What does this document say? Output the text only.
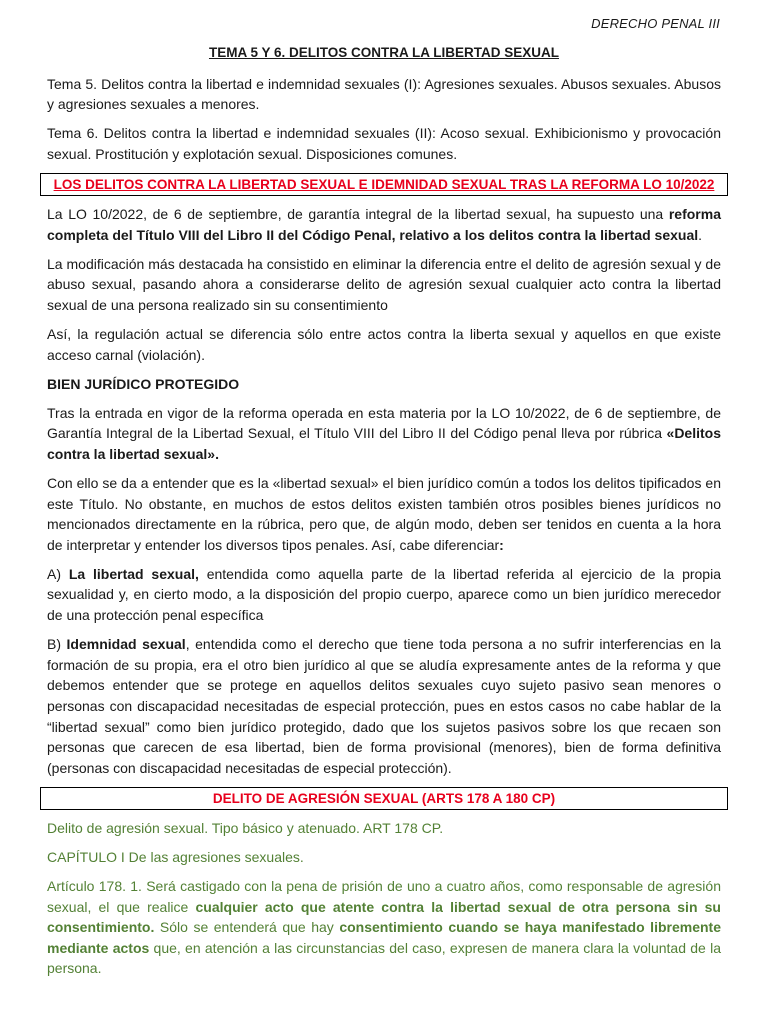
DERECHO PENAL III

TEMA 5 Y 6. DELITOS CONTRA LA LIBERTAD SEXUAL

Tema 5. Delitos contra la libertad e indemnidad sexuales (I): Agresiones sexuales. Abusos sexuales. Abusos y agresiones sexuales a menores.

Tema 6. Delitos contra la libertad e indemnidad sexuales (II): Acoso sexual. Exhibicionismo y provocación sexual. Prostitución y explotación sexual. Disposiciones comunes.

LOS DELITOS CONTRA LA LIBERTAD SEXUAL E IDEMNIDAD SEXUAL TRAS LA REFORMA LO 10/2022

La LO 10/2022, de 6 de septiembre, de garantía integral de la libertad sexual, ha supuesto una reforma completa del Título VIII del Libro II del Código Penal, relativo a los delitos contra la libertad sexual.

La modificación más destacada ha consistido en eliminar la diferencia entre el delito de agresión sexual y de abuso sexual, pasando ahora a considerarse delito de agresión sexual cualquier acto contra la libertad sexual de una persona realizado sin su consentimiento

Así, la regulación actual se diferencia sólo entre actos contra la liberta sexual y aquellos en que existe acceso carnal (violación).

BIEN JURÍDICO PROTEGIDO

Tras la entrada en vigor de la reforma operada en esta materia por la LO 10/2022, de 6 de septiembre, de Garantía Integral de la Libertad Sexual, el Título VIII del Libro II del Código penal lleva por rúbrica «Delitos contra la libertad sexual».

Con ello se da a entender que es la «libertad sexual» el bien jurídico común a todos los delitos tipificados en este Título. No obstante, en muchos de estos delitos existen también otros posibles bienes jurídicos no mencionados directamente en la rúbrica, pero que, de algún modo, deben ser tenidos en cuenta a la hora de interpretar y entender los diversos tipos penales. Así, cabe diferenciar:

A) La libertad sexual, entendida como aquella parte de la libertad referida al ejercicio de la propia sexualidad y, en cierto modo, a la disposición del propio cuerpo, aparece como un bien jurídico merecedor de una protección penal específica

B) Idemnidad sexual, entendida como el derecho que tiene toda persona a no sufrir interferencias en la formación de su propia, era el otro bien jurídico al que se aludía expresamente antes de la reforma y que debemos entender que se protege en aquellos delitos sexuales cuyo sujeto pasivo sean menores o personas con discapacidad necesitadas de especial protección, pues en estos casos no cabe hablar de la “libertad sexual” como bien jurídico protegido, dado que los sujetos pasivos sobre los que recaen son personas que carecen de esa libertad, bien de forma provisional (menores), bien de forma definitiva (personas con discapacidad necesitadas de especial protección).

DELITO DE AGRESIÓN SEXUAL (ARTS 178 A 180 CP)

Delito de agresión sexual. Tipo básico y atenuado. ART 178 CP.

CAPÍTULO I De las agresiones sexuales.

Artículo 178. 1. Será castigado con la pena de prisión de uno a cuatro años, como responsable de agresión sexual, el que realice cualquier acto que atente contra la libertad sexual de otra persona sin su consentimiento. Sólo se entenderá que hay consentimiento cuando se haya manifestado libremente mediante actos que, en atención a las circunstancias del caso, expresen de manera clara la voluntad de la persona.
